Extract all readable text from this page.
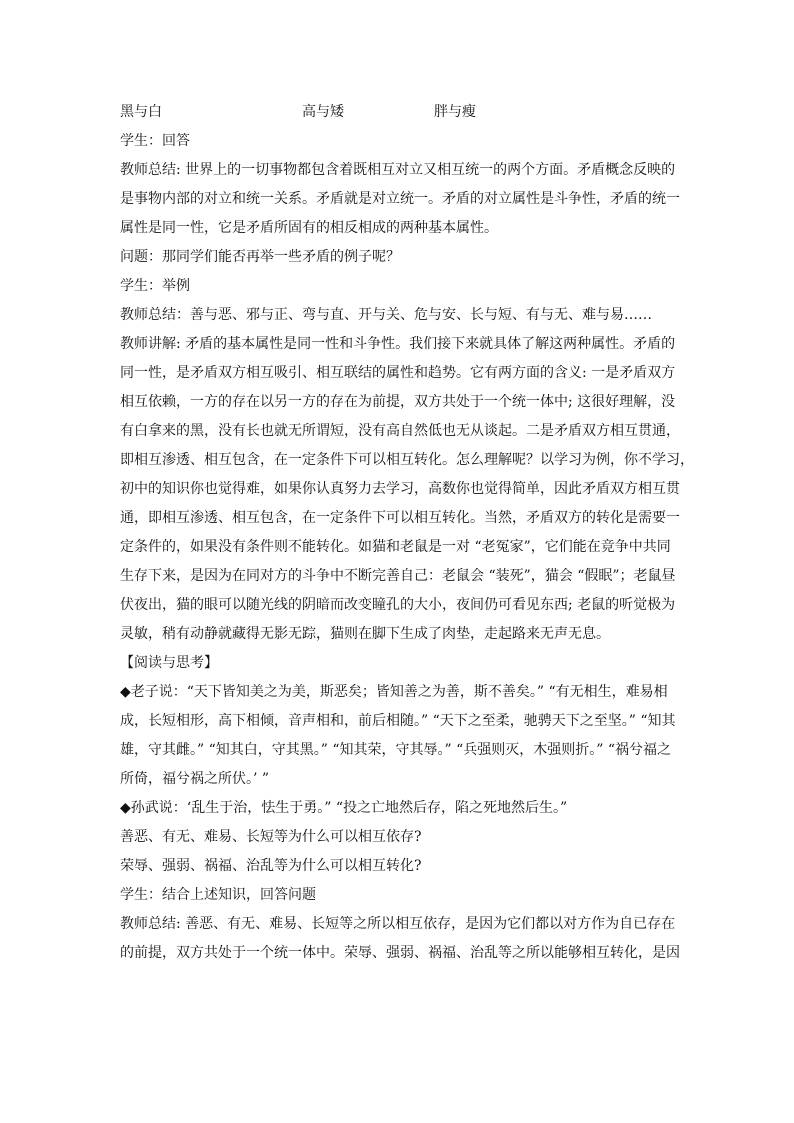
黑与白	高与矮	胖与瘦
学生：回答
教师总结: 世界上的一切事物都包含着既相互对立又相互统一的两个方面。矛盾概念反映的
是事物内部的对立和统一关系。矛盾就是对立统一。矛盾的对立属性是斗争性，矛盾的统一
属性是同一性，它是矛盾所固有的相反相成的两种基本属性。
问题：那同学们能否再举一些矛盾的例子呢？
学生：举例
教师总结：善与恶、邪与正、弯与直、开与关、危与安、长与短、有与无、难与易……
教师讲解: 矛盾的基本属性是同一性和斗争性。我们接下来就具体了解这两种属性。矛盾的
同一性，是矛盾双方相互吸引、相互联结的属性和趋势。它有两方面的含义: 一是矛盾双方
相互依赖，一方的存在以另一方的存在为前提，双方共处于一个统一体中; 这很好理解，没
有白拿来的黑，没有长也就无所谓短，没有高自然低也无从谈起。二是矛盾双方相互贯通，
即相互渗透、相互包含，在一定条件下可以相互转化。怎么理解呢？以学习为例，你不学习，
初中的知识你也觉得难，如果你认真努力去学习，高数你也觉得简单，因此矛盾双方相互贯
通，即相互渗透、相互包含，在一定条件下可以相互转化。当然，矛盾双方的转化是需要一
定条件的，如果没有条件则不能转化。如猫和老鼠是一对 “老冤家”，它们能在竞争中共同
生存下来，是因为在同对方的斗争中不断完善自己：老鼠会 “装死”，猫会 “假眠”；老鼠昼
伏夜出，猫的眼可以随光线的阴暗而改变瞳孔的大小，夜间仍可看见东西; 老鼠的听觉极为
灵敏，稍有动静就藏得无影无踪，猫则在脚下生成了肉垫，走起路来无声无息。
【阅读与思考】
◆老子说：“天下皆知美之为美，斯恶矣；皆知善之为善，斯不善矣。” “有无相生，难易相
成，长短相形，高下相倾，音声相和，前后相随。” “天下之至柔，驰骋天下之至坚。” “知其
雄，守其雌。” “知其白，守其黑。” “知其荣，守其辱。” “兵强则灭，木强则折。” “祸兮福之
所倚，福兮祸之所伏。’ ”
◆孙武说：‘乱生于治，怯生于勇。” “投之亡地然后存，陷之死地然后生。”
善恶、有无、难易、长短等为什么可以相互依存?
荣辱、强弱、祸福、治乱等为什么可以相互转化?
学生：结合上述知识，回答问题
教师总结: 善恶、有无、难易、长短等之所以相互依存，是因为它们都以对方作为自已存在
的前提，双方共处于一个统一体中。荣辱、强弱、祸福、治乱等之所以能够相互转化，是因
